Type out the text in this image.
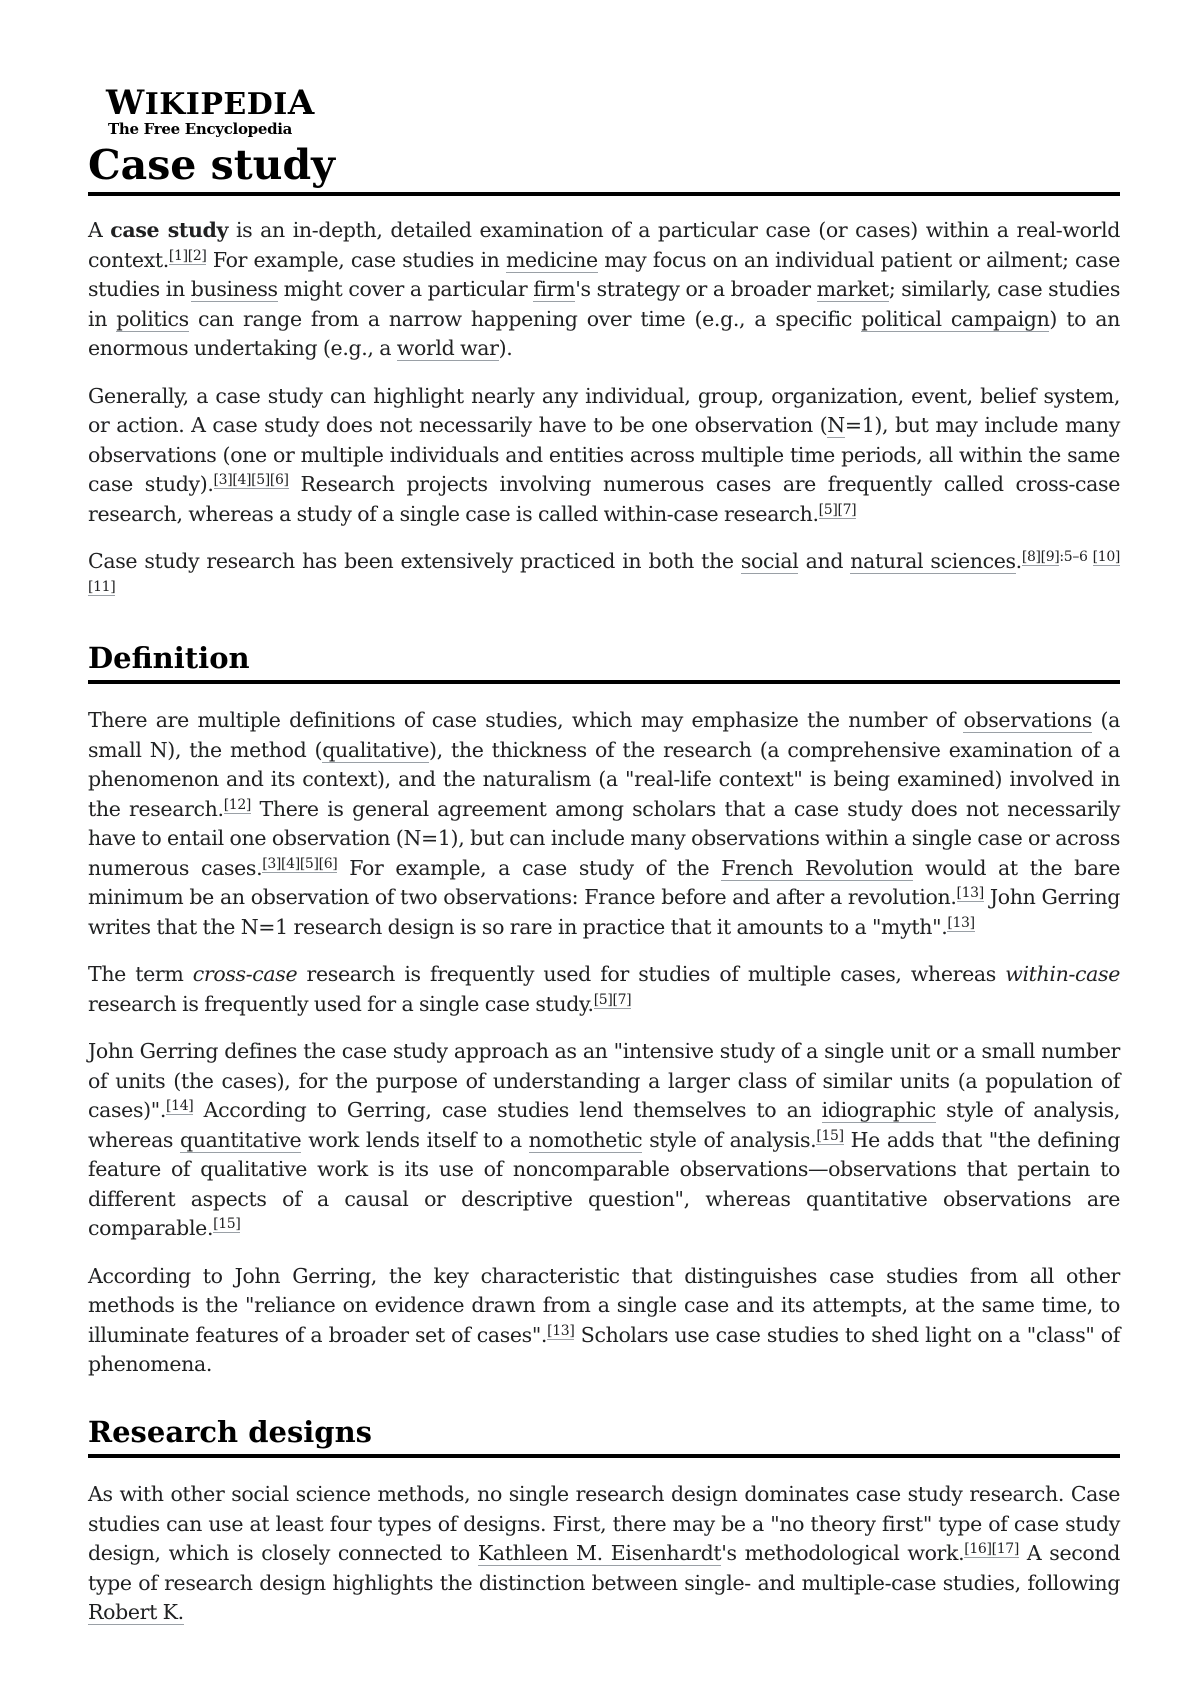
WIKIPEDIA
The Free Encyclopedia
Case study

A case study is an in-depth, detailed examination of a particular case (or cases) within a real-world context.[1][2] For example, case studies in medicine may focus on an individual patient or ailment; case studies in business might cover a particular firm's strategy or a broader market; similarly, case studies in politics can range from a narrow happening over time (e.g., a specific political campaign) to an enormous undertaking (e.g., a world war).

Generally, a case study can highlight nearly any individual, group, organization, event, belief system, or action. A case study does not necessarily have to be one observation (N=1), but may include many observations (one or multiple individuals and entities across multiple time periods, all within the same case study).[3][4][5][6] Research projects involving numerous cases are frequently called cross-case research, whereas a study of a single case is called within-case research.[5][7]

Case study research has been extensively practiced in both the social and natural sciences.[8][9]:5–6 [10][11]

Definition

There are multiple definitions of case studies, which may emphasize the number of observations (a small N), the method (qualitative), the thickness of the research (a comprehensive examination of a phenomenon and its context), and the naturalism (a "real-life context" is being examined) involved in the research.[12] There is general agreement among scholars that a case study does not necessarily have to entail one observation (N=1), but can include many observations within a single case or across numerous cases.[3][4][5][6] For example, a case study of the French Revolution would at the bare minimum be an observation of two observations: France before and after a revolution.[13] John Gerring writes that the N=1 research design is so rare in practice that it amounts to a "myth".[13]

The term cross-case research is frequently used for studies of multiple cases, whereas within-case research is frequently used for a single case study.[5][7]

John Gerring defines the case study approach as an "intensive study of a single unit or a small number of units (the cases), for the purpose of understanding a larger class of similar units (a population of cases)".[14] According to Gerring, case studies lend themselves to an idiographic style of analysis, whereas quantitative work lends itself to a nomothetic style of analysis.[15] He adds that "the defining feature of qualitative work is its use of noncomparable observations—observations that pertain to different aspects of a causal or descriptive question", whereas quantitative observations are comparable.[15]

According to John Gerring, the key characteristic that distinguishes case studies from all other methods is the "reliance on evidence drawn from a single case and its attempts, at the same time, to illuminate features of a broader set of cases".[13] Scholars use case studies to shed light on a "class" of phenomena.

Research designs

As with other social science methods, no single research design dominates case study research. Case studies can use at least four types of designs. First, there may be a "no theory first" type of case study design, which is closely connected to Kathleen M. Eisenhardt's methodological work.[16][17] A second type of research design highlights the distinction between single- and multiple-case studies, following Robert K.
